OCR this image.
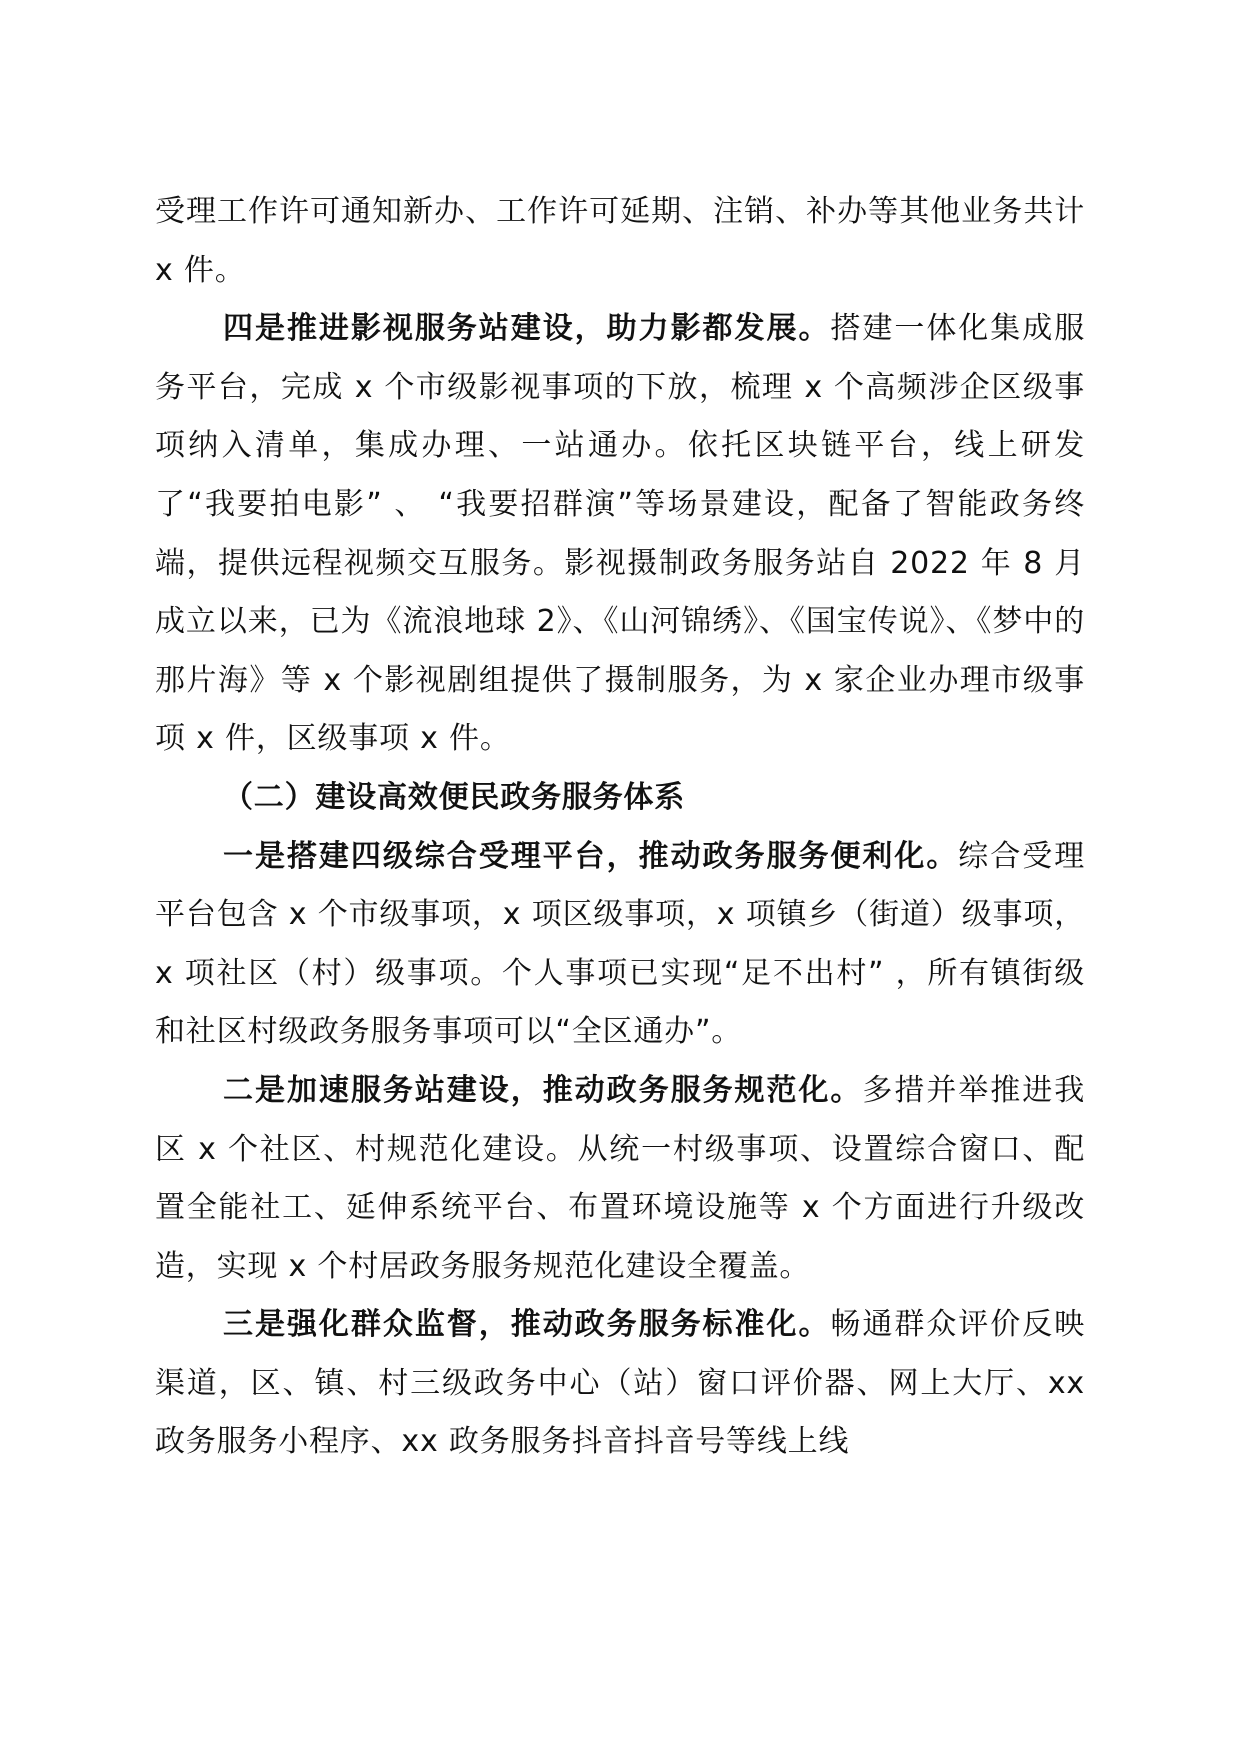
受理工作许可通知新办、工作许可延期、注销、补办等其他业务共计 x 件。

四是推进影视服务站建设，助力影都发展。搭建一体化集成服务平台，完成 x 个市级影视事项的下放，梳理 x 个高频涉企区级事项纳入清单，集成办理、一站通办。依托区块链平台，线上研发了“我要拍电影” 、 “我要招群演”等场景建设，配备了智能政务终端，提供远程视频交互服务。影视摄制政务服务站自 2022 年 8 月成立以来，已为《流浪地球 2》、《山河锦绣》、《国宝传说》、《梦中的那片海》等 x 个影视剧组提供了摄制服务，为 x 家企业办理市级事项 x 件，区级事项 x 件。

（二）建设高效便民政务服务体系

一是搭建四级综合受理平台，推动政务服务便利化。综合受理平台包含 x 个市级事项，x 项区级事项，x 项镇乡（街道）级事项，x 项社区（村）级事项。个人事项已实现“足不出村” ，所有镇街级和社区村级政务服务事项可以“全区通办”。

二是加速服务站建设，推动政务服务规范化。多措并举推进我区 x 个社区、村规范化建设。从统一村级事项、设置综合窗口、配置全能社工、延伸系统平台、布置环境设施等 x 个方面进行升级改造，实现 x 个村居政务服务规范化建设全覆盖。

三是强化群众监督，推动政务服务标准化。畅通群众评价反映渠道，区、镇、村三级政务中心（站）窗口评价器、网上大厅、xx 政务服务小程序、xx 政务服务抖音抖音号等线上线
